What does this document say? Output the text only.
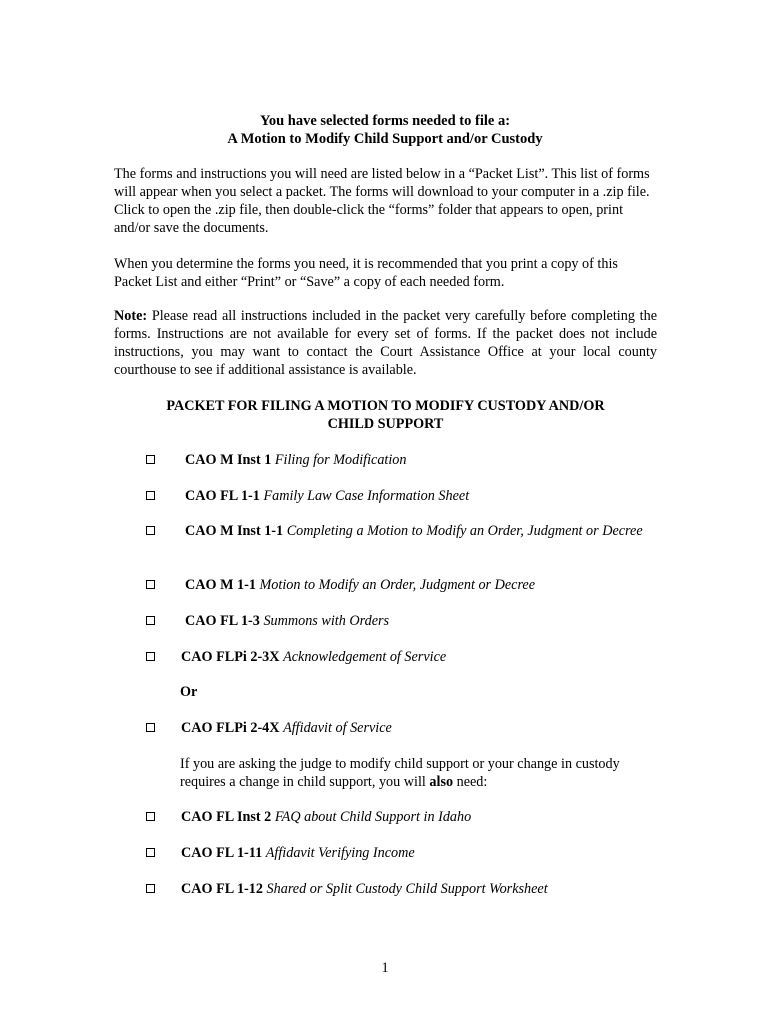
You have selected forms needed to file a:
A Motion to Modify Child Support and/or Custody
The forms and instructions you will need are listed below in a “Packet List”. This list of forms will appear when you select a packet. The forms will download to your computer in a .zip file. Click to open the .zip file, then double-click the “forms” folder that appears to open, print and/or save the documents.
When you determine the forms you need, it is recommended that you print a copy of this Packet List and either “Print” or “Save” a copy of each needed form.
Note: Please read all instructions included in the packet very carefully before completing the forms. Instructions are not available for every set of forms. If the packet does not include instructions, you may want to contact the Court Assistance Office at your local county courthouse to see if additional assistance is available.
PACKET FOR FILING A MOTION TO MODIFY CUSTODY AND/OR
CHILD SUPPORT
CAO M Inst 1 Filing for Modification
CAO FL 1-1 Family Law Case Information Sheet
CAO M Inst 1-1 Completing a Motion to Modify an Order, Judgment or Decree
CAO M 1-1 Motion to Modify an Order, Judgment or Decree
CAO FL 1-3 Summons with Orders
CAO FLPi 2-3X Acknowledgement of Service
Or
CAO FLPi 2-4X Affidavit of Service
If you are asking the judge to modify child support or your change in custody requires a change in child support, you will also need:
CAO FL Inst 2 FAQ about Child Support in Idaho
CAO FL 1-11 Affidavit Verifying Income
CAO FL 1-12 Shared or Split Custody Child Support Worksheet
1
